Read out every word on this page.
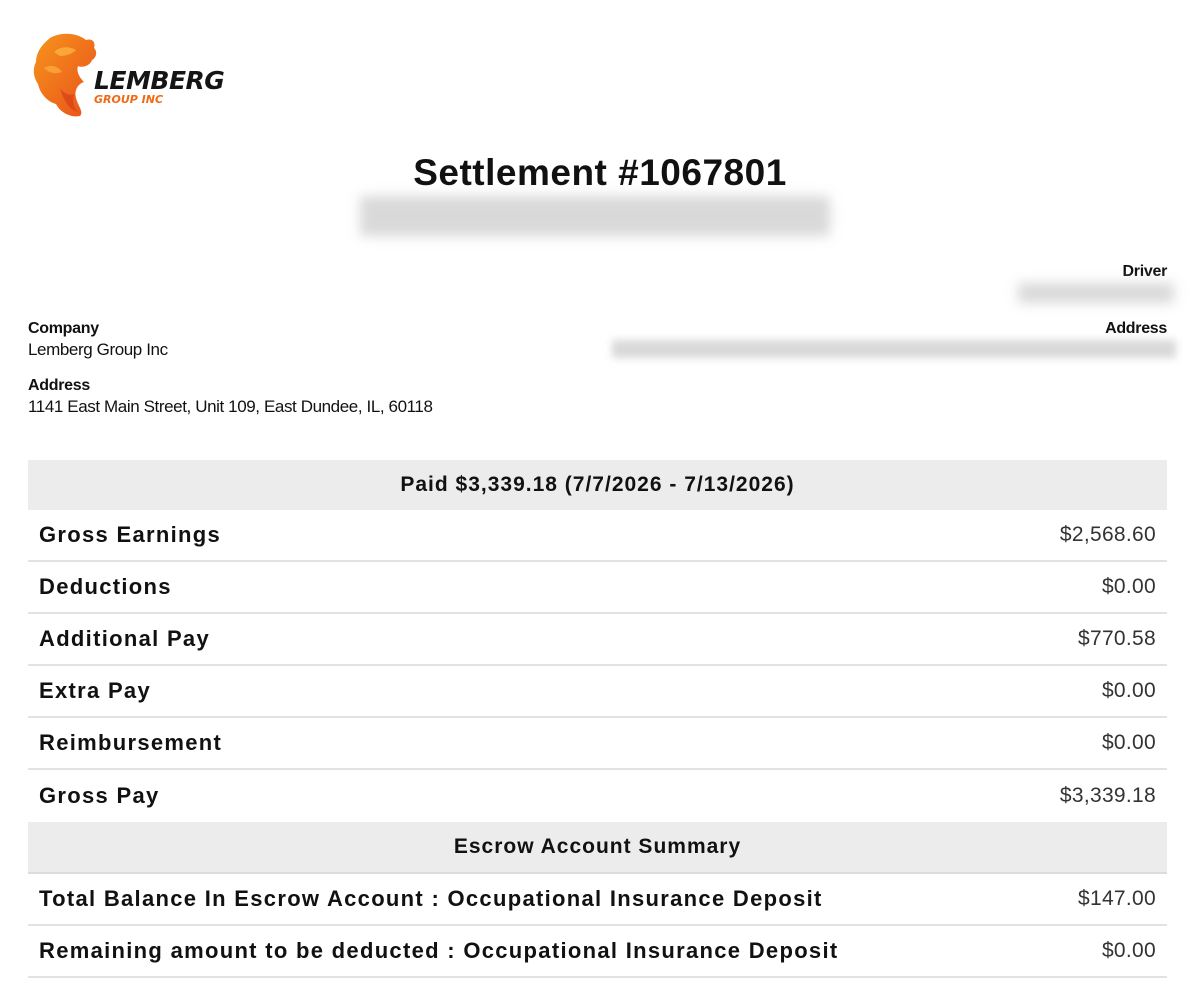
LEMBERG
GROUP INC
Settlement #1067801
Driver
Company
Lemberg Group Inc
Address
Address
1141 East Main Street, Unit 109, East Dundee, IL, 60118
Paid $3,339.18 (7/7/2026 - 7/13/2026)
Gross Earnings	$2,568.60
Deductions	$0.00
Additional Pay	$770.58
Extra Pay	$0.00
Reimbursement	$0.00
Gross Pay	$3,339.18
Escrow Account Summary
Total Balance In Escrow Account : Occupational Insurance Deposit	$147.00
Remaining amount to be deducted : Occupational Insurance Deposit	$0.00
